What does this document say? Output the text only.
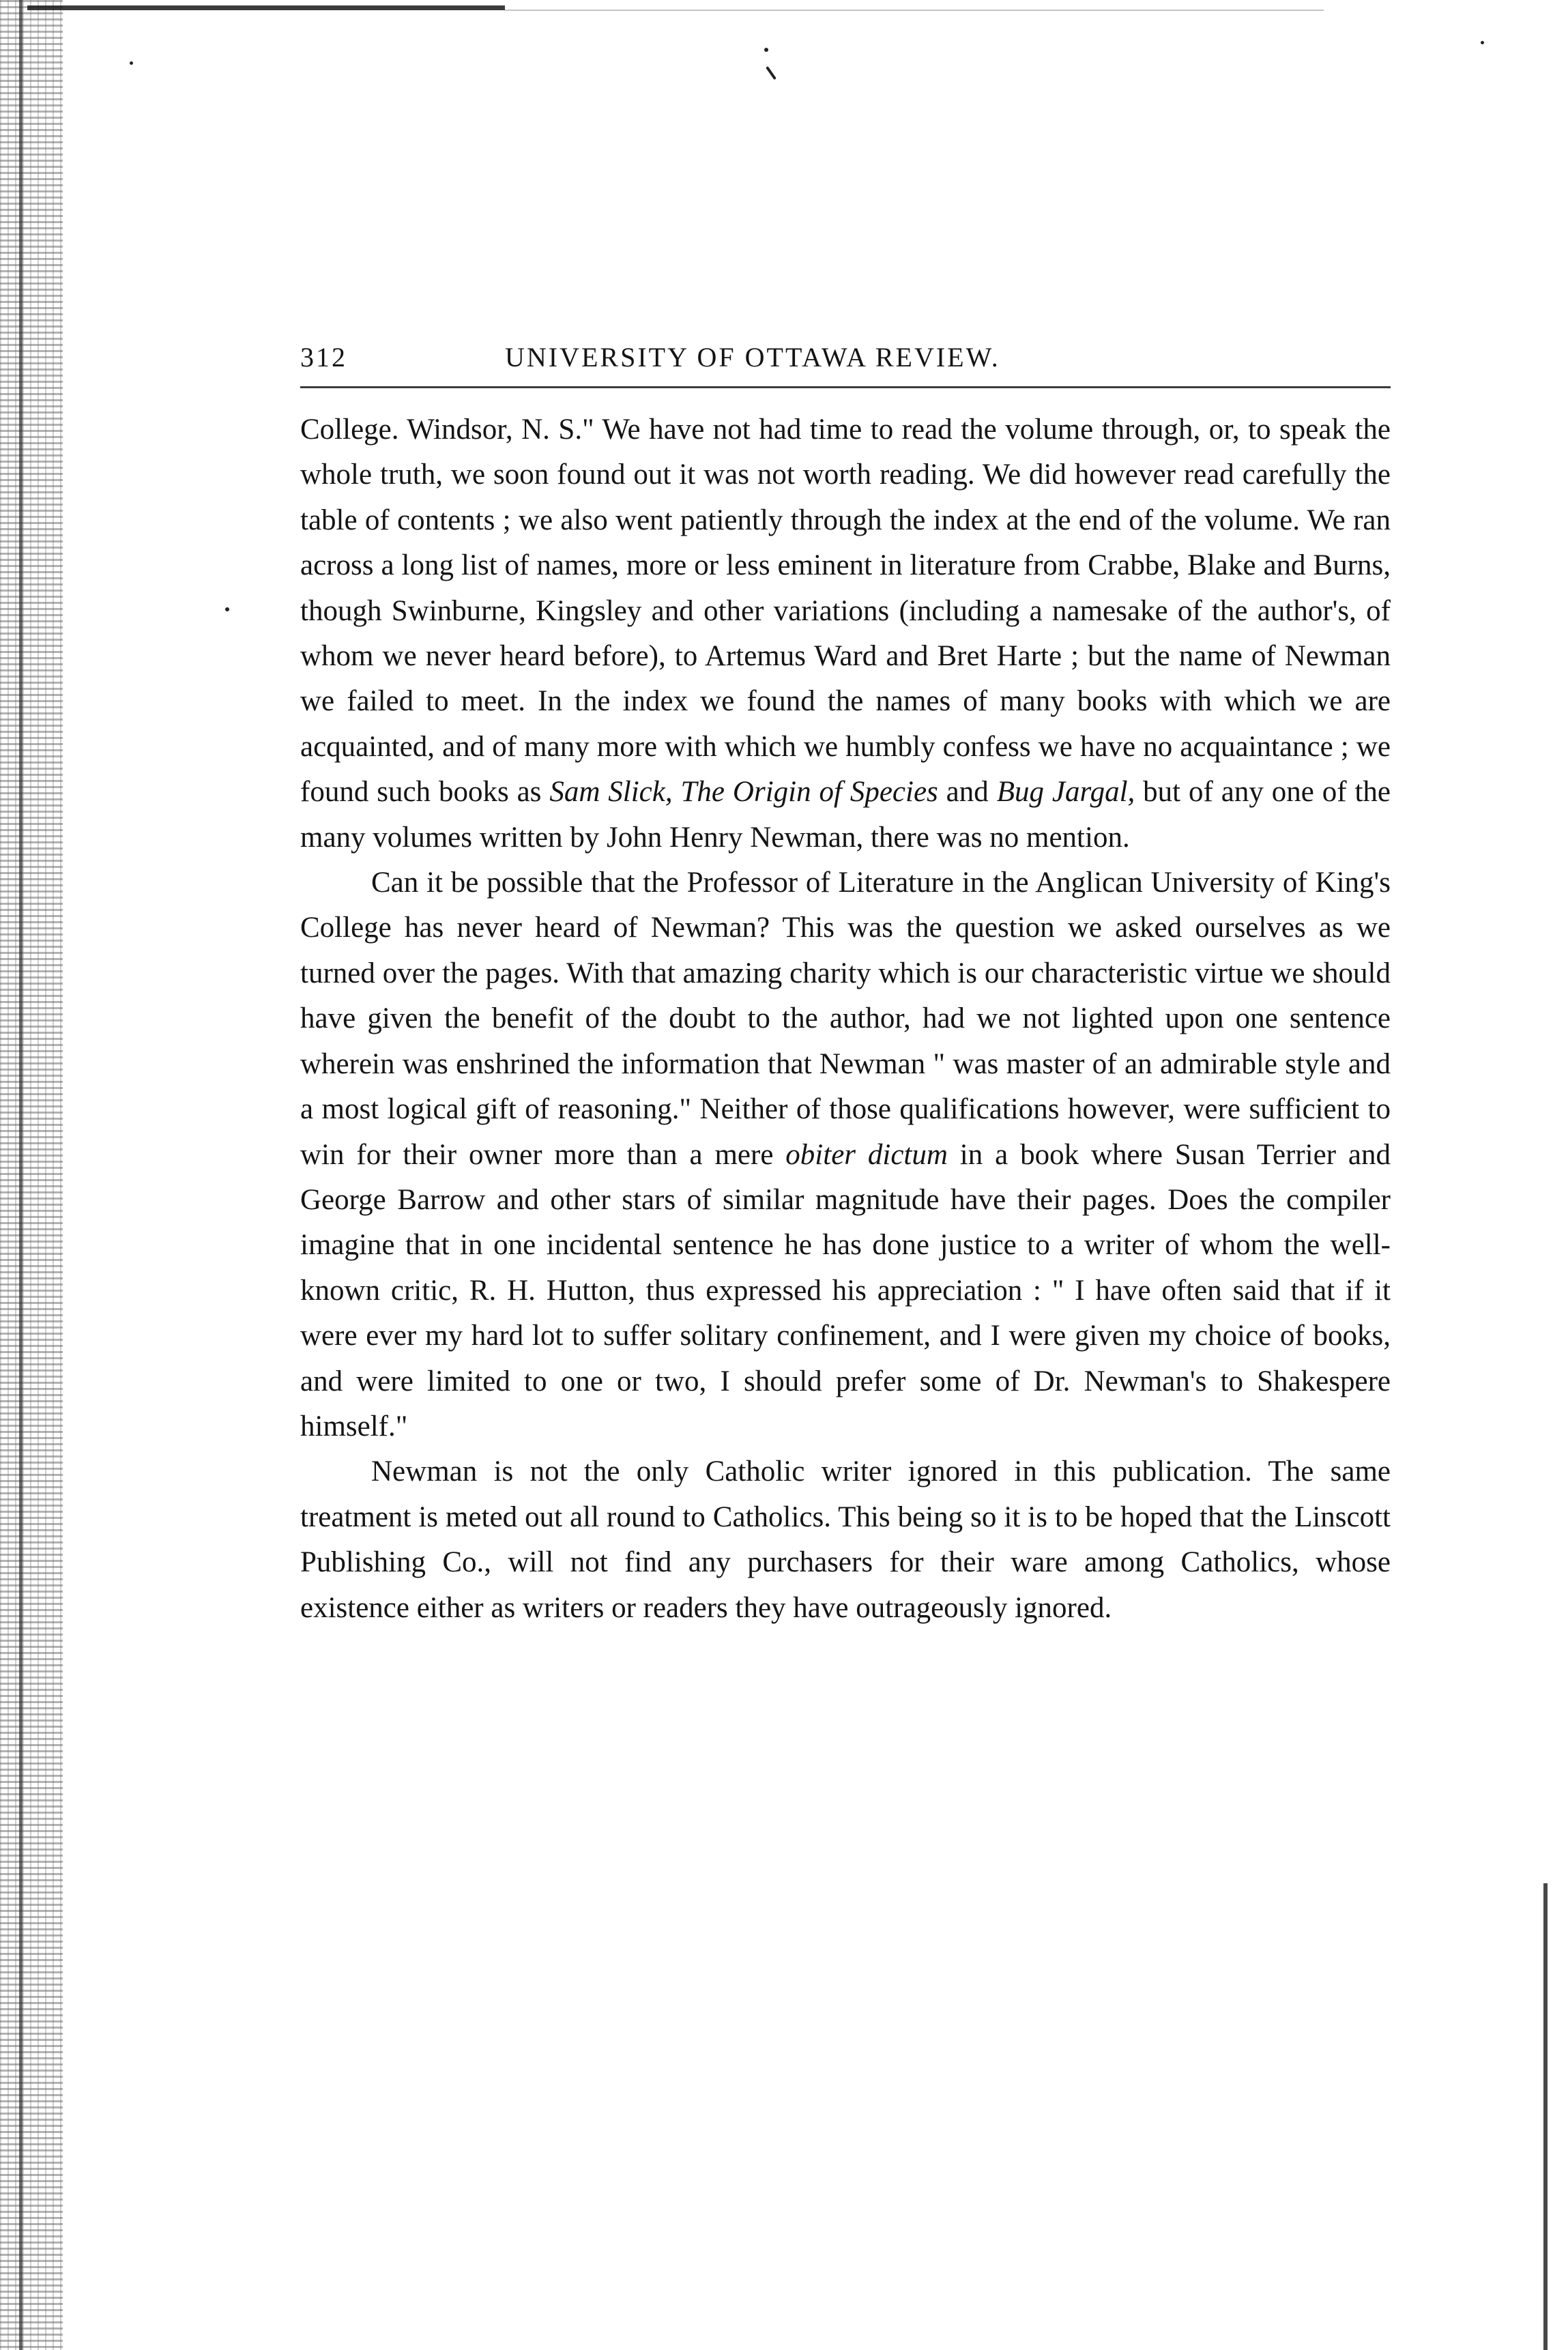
312	UNIVERSITY OF OTTAWA REVIEW.

College. Windsor, N. S." We have not had time to read the volume through, or, to speak the whole truth, we soon found out it was not worth reading. We did however read carefully the table of contents ; we also went patiently through the index at the end of the volume. We ran across a long list of names, more or less eminent in literature from Crabbe, Blake and Burns, though Swinburne, Kingsley and other variations (including a namesake of the author's, of whom we never heard before), to Artemus Ward and Bret Harte ; but the name of Newman we failed to meet. In the index we found the names of many books with which we are acquainted, and of many more with which we humbly confess we have no acquaintance ; we found such books as Sam Slick, The Origin of Species and Bug Jargal, but of any one of the many volumes written by John Henry Newman, there was no mention.

Can it be possible that the Professor of Literature in the Anglican University of King's College has never heard of Newman? This was the question we asked ourselves as we turned over the pages. With that amazing charity which is our characteristic virtue we should have given the benefit of the doubt to the author, had we not lighted upon one sentence wherein was enshrined the information that Newman " was master of an admirable style and a most logical gift of reasoning." Neither of those qualifications however, were sufficient to win for their owner more than a mere obiter dictum in a book where Susan Terrier and George Barrow and other stars of similar magnitude have their pages. Does the compiler imagine that in one incidental sentence he has done justice to a writer of whom the well-known critic, R. H. Hutton, thus expressed his appreciation : " I have often said that if it were ever my hard lot to suffer solitary confinement, and I were given my choice of books, and were limited to one or two, I should prefer some of Dr. Newman's to Shakespere himself."

Newman is not the only Catholic writer ignored in this publication. The same treatment is meted out all round to Catholics. This being so it is to be hoped that the Linscott Publishing Co., will not find any purchasers for their ware among Catholics, whose existence either as writers or readers they have outrageously ignored.
